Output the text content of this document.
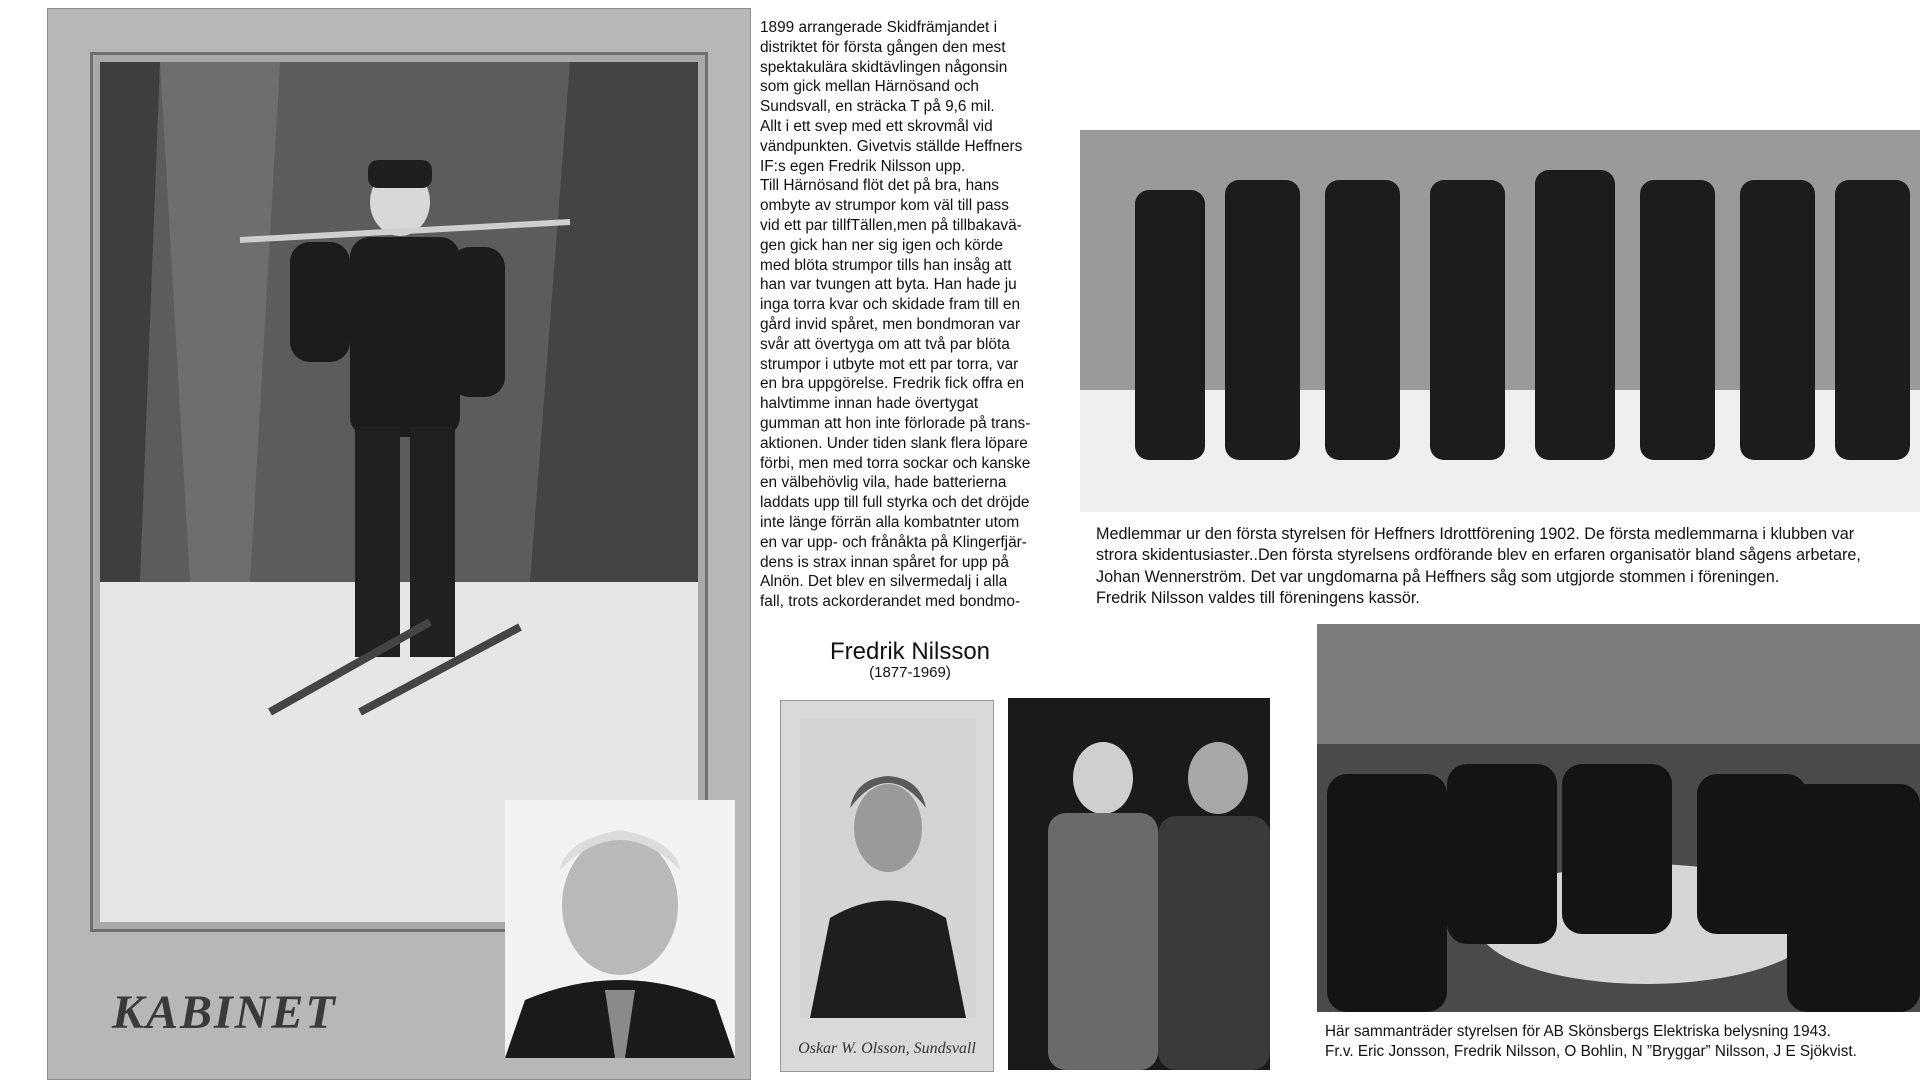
KABINET

1899 arrangerade Skidfrämjandet i
distriktet för första gången den mest
spektakulära skidtävlingen någonsin
som gick mellan Härnösand och
Sundsvall, en sträcka T på 9,6 mil.
Allt i ett svep med ett skrovmål vid
vändpunkten. Givetvis ställde Heffners
IF:s egen Fredrik Nilsson upp.
Till Härnösand flöt det på bra, hans
ombyte av strumpor kom väl till pass
vid ett par tillfTällen,men på tillbakavä-
gen gick han ner sig igen och körde
med blöta strumpor tills han insåg att
han var tvungen att byta. Han hade ju
inga torra kvar och skidade fram till en
gård invid spåret, men bondmoran var
svår att övertyga om att två par blöta
strumpor i utbyte mot ett par torra, var
en bra uppgörelse. Fredrik fick offra en
halvtimme innan hade övertygat
gumman att hon inte förlorade på trans-
aktionen. Under tiden slank flera löpare
förbi, men med torra sockar och kanske
en välbehövlig vila, hade batterierna
laddats upp till full styrka och det dröjde
inte länge förrän alla kombatnter utom
en var upp- och frånåkta på Klingerfjär-
dens is strax innan spåret for upp på
Alnön. Det blev en silvermedalj i alla
fall, trots ackorderandet med bondmo-

Fredrik Nilsson
(1877-1969)
Oskar W. Olsson, Sundsvall

Medlemmar ur den första styrelsen för Heffners Idrottförening 1902. De första medlemmarna i klubben var
strora skidentusiaster..Den första styrelsens ordförande blev en erfaren organisatör bland sågens arbetare,
Johan Wennerström. Det var ungdomarna på Heffners såg som utgjorde stommen i föreningen.
Fredrik Nilsson valdes till föreningens kassör.

Här sammanträder styrelsen för AB Skönsbergs Elektriska belysning 1943.
Fr.v. Eric Jonsson, Fredrik Nilsson, O Bohlin, N ”Bryggar” Nilsson, J E Sjökvist.
